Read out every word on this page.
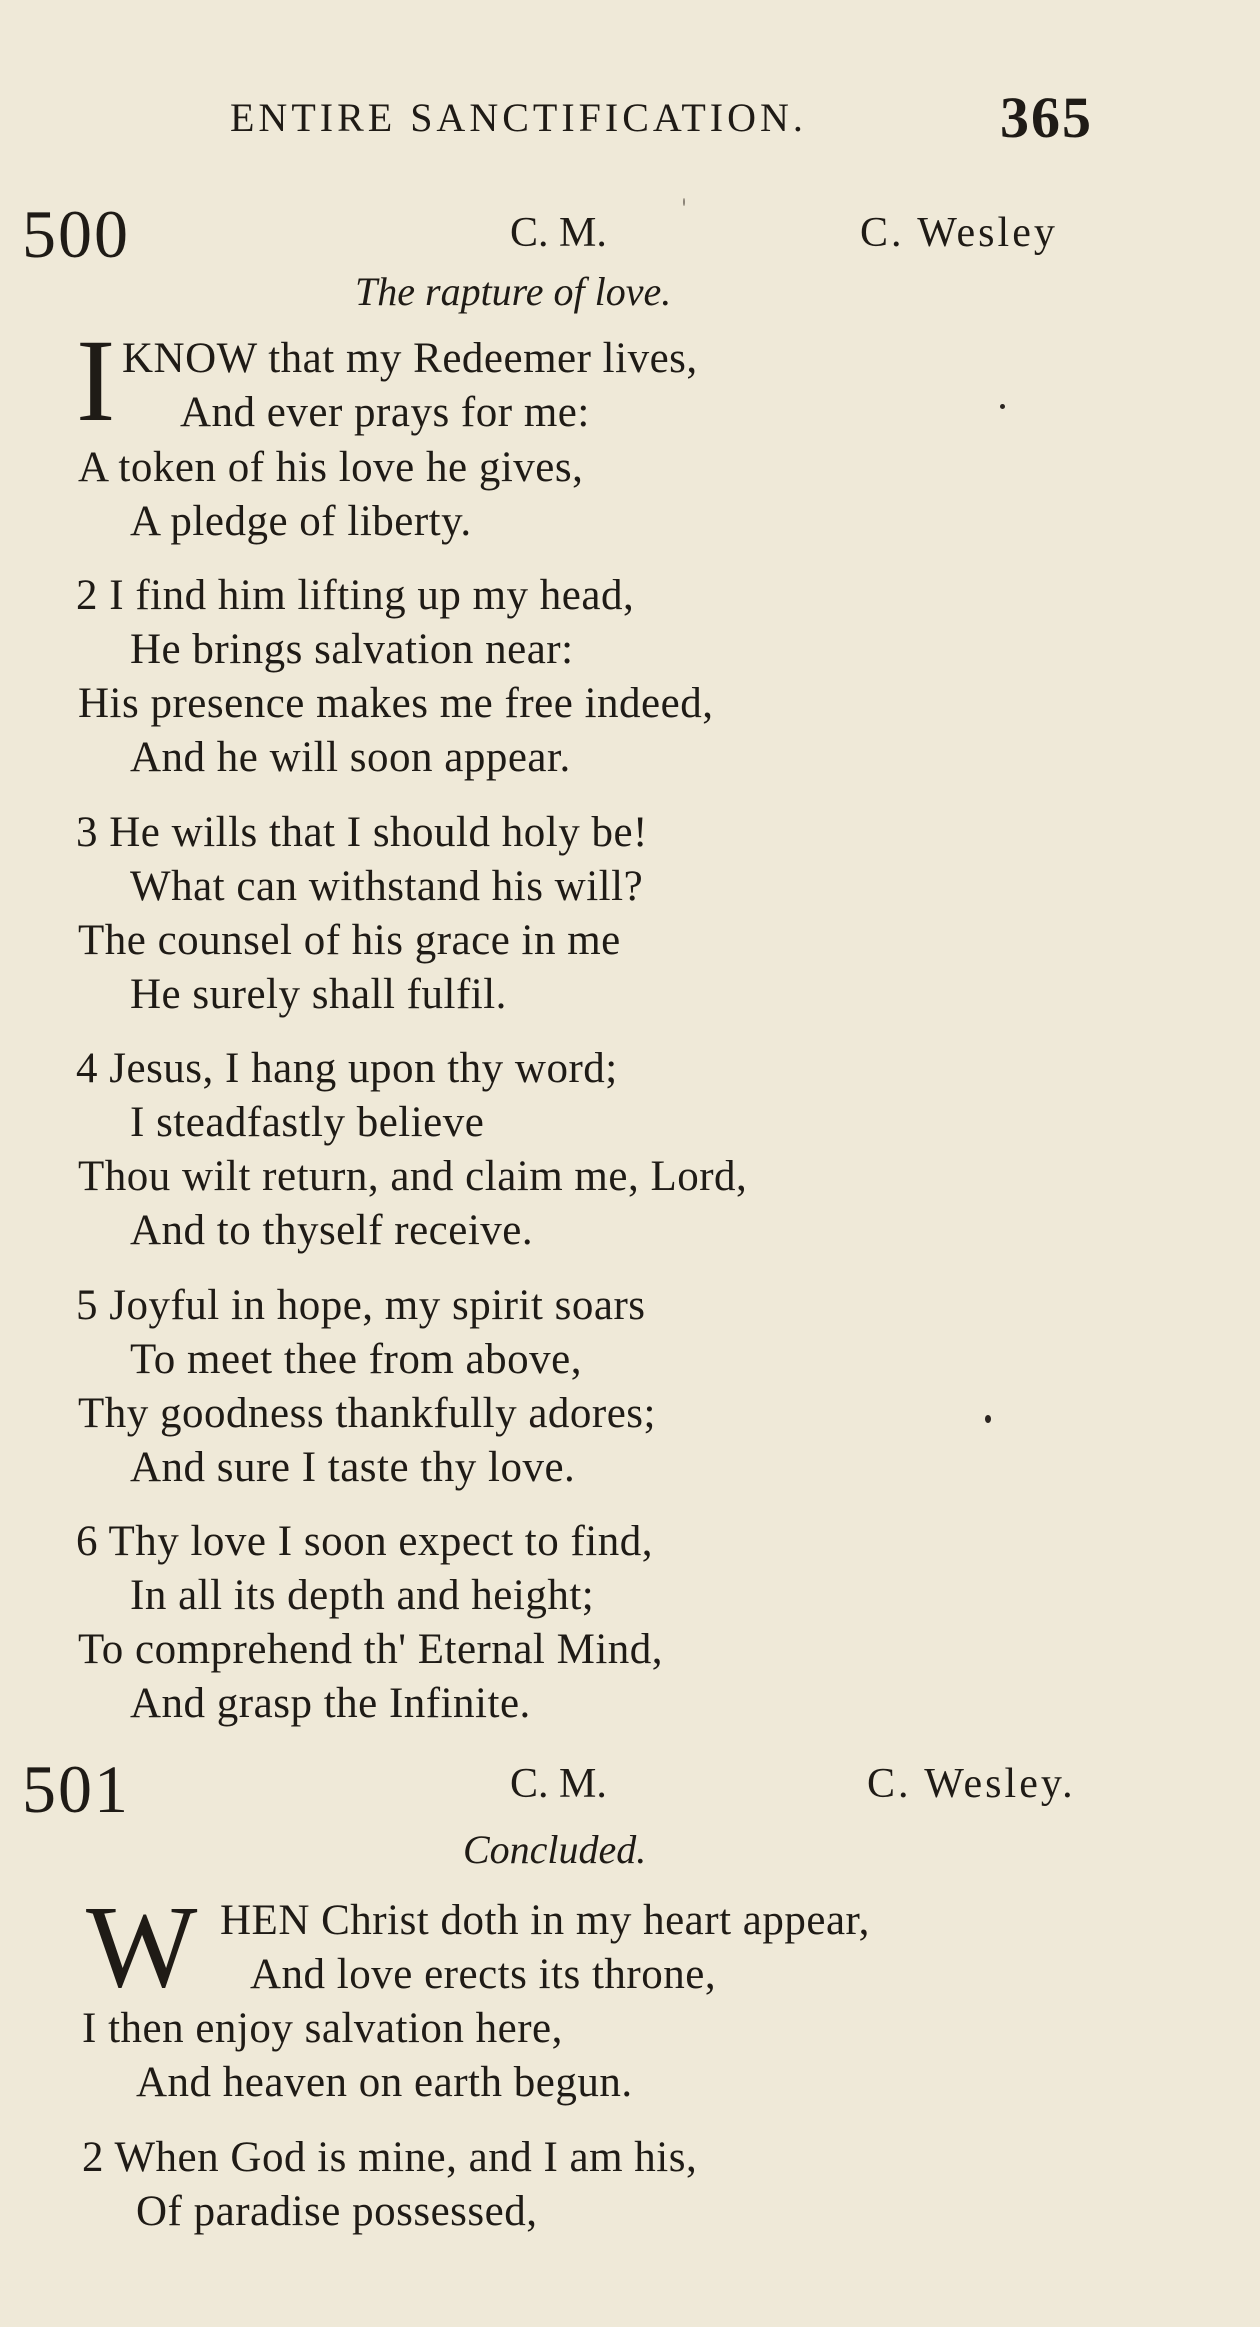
ENTIRE SANCTIFICATION.	365
500	C. M.	C. Wesley
The rapture of love.
I KNOW that my Redeemer lives,
And ever prays for me:
A token of his love he gives,
A pledge of liberty.
2 I find him lifting up my head,
He brings salvation near:
His presence makes me free indeed,
And he will soon appear.
3 He wills that I should holy be!
What can withstand his will?
The counsel of his grace in me
He surely shall fulfil.
4 Jesus, I hang upon thy word;
I steadfastly believe
Thou wilt return, and claim me, Lord,
And to thyself receive.
5 Joyful in hope, my spirit soars
To meet thee from above,
Thy goodness thankfully adores;
And sure I taste thy love.
6 Thy love I soon expect to find,
In all its depth and height;
To comprehend th' Eternal Mind,
And grasp the Infinite.
501	C. M.	C. Wesley.
Concluded.
W HEN Christ doth in my heart appear,
And love erects its throne,
I then enjoy salvation here,
And heaven on earth begun.
2 When God is mine, and I am his,
Of paradise possessed,
